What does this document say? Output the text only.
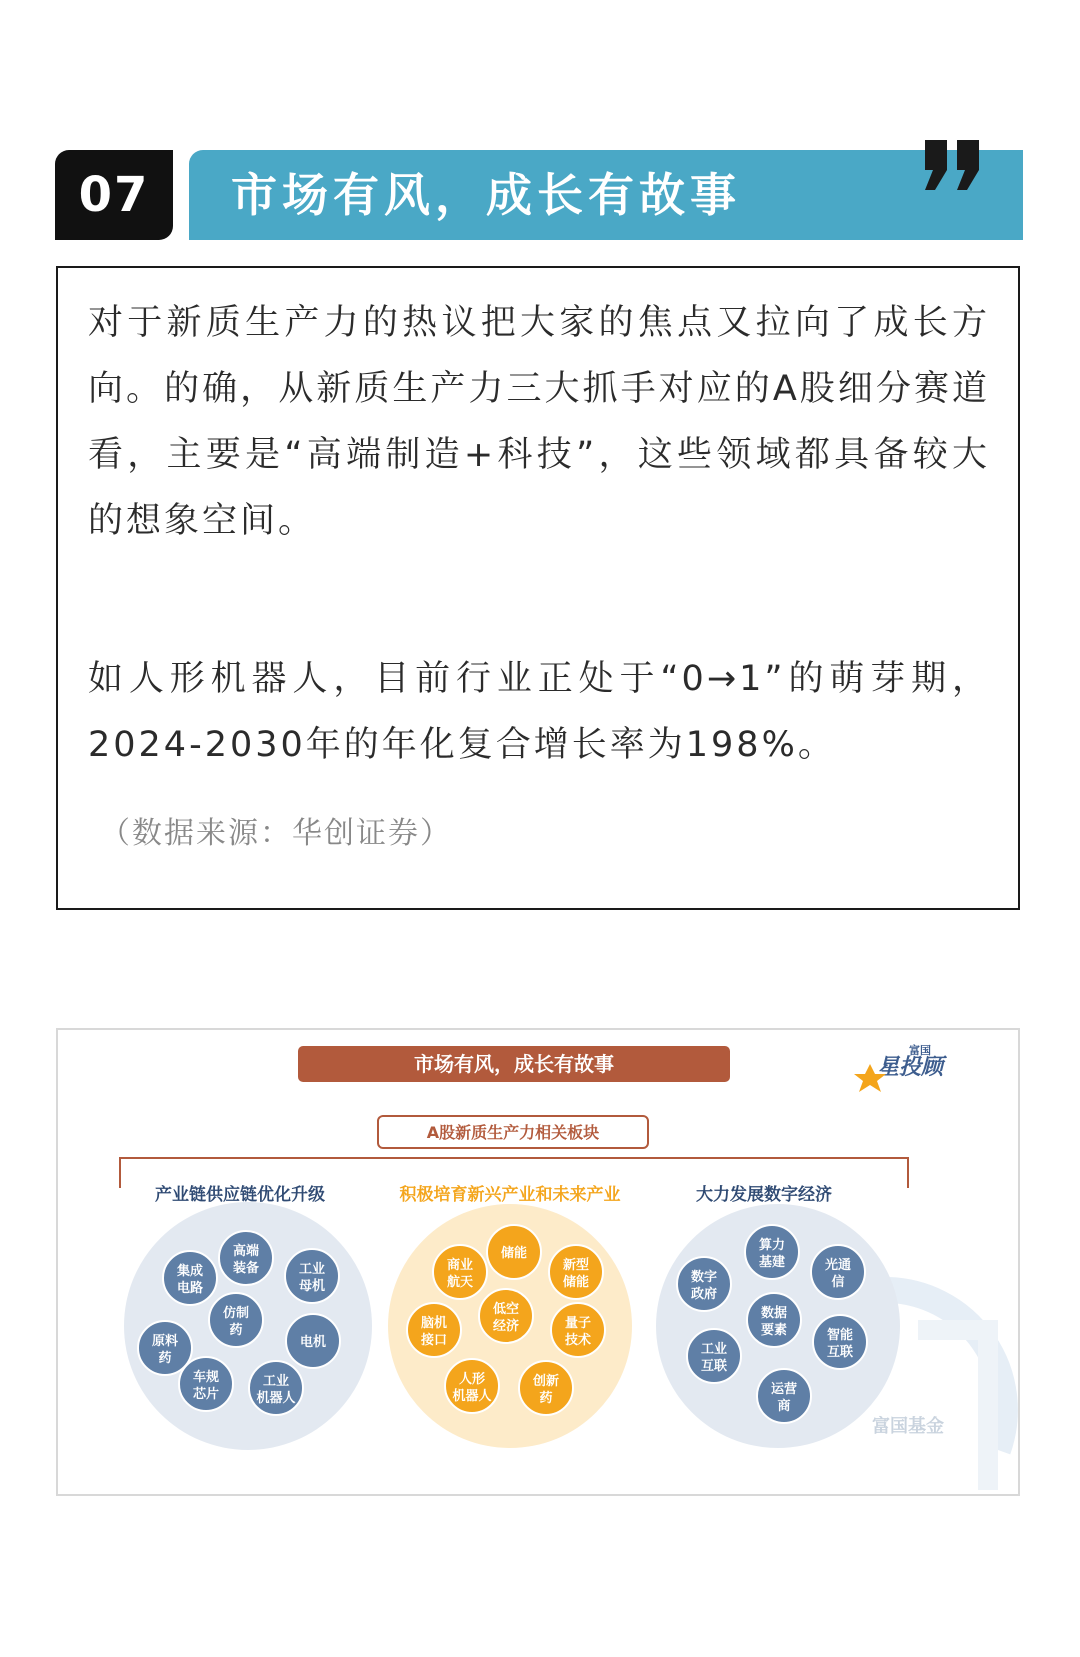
07	市场有风，成长有故事

对于新质生产力的热议把大家的焦点又拉向了成长方向。的确，从新质生产力三大抓手对应的A股细分赛道看，主要是“高端制造+科技”，这些领域都具备较大的想象空间。

如人形机器人，目前行业正处于“0→1”的萌芽期，2024-2030年的年化复合增长率为198%。

（数据来源：华创证券）
市场有风，成长有故事
富国
星投顾
A股新质生产力相关板块
富国基金
产业链供应链优化升级
集成
电路
高端
装备	工业
母机
仿制
药
原料
药
电机
车规
芯片
工业
机器人
积极培育新兴产业和未来产业
商业
航天
储能
新型
储能
脑机
接口
低空
经济	量子
技术
人形
机器人
创新
药
大力发展数字经济
算力
基建
数字
政府
光通
信
数据
要素
工业
互联
智能
互联
运营
商
